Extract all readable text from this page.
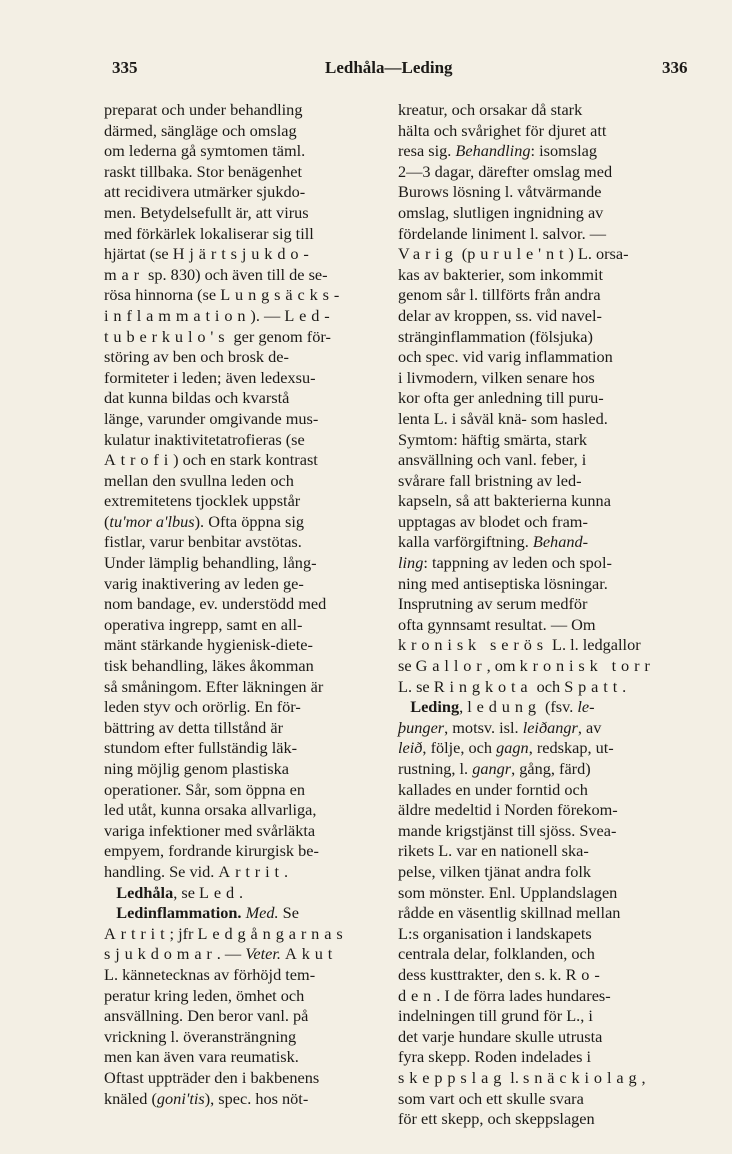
335	Ledhåla—Leding	336
preparat och under behandling
därmed, sängläge och omslag
om lederna gå symtomen täml.
raskt tillbaka. Stor benägenhet
att recidivera utmärker sjukdo-
men. Betydelsefullt är, att virus
med förkärlek lokaliserar sig till
hjärtat (se Hjärtsjukdo-
mar sp. 830) och även till de se-
rösa hinnorna (se Lungsäcks-
inflammation). — Led-
tuberkulo's ger genom för-
störing av ben och brosk de-
formiteter i leden; även ledexsu-
dat kunna bildas och kvarstå
länge, varunder omgivande mus-
kulatur inaktivitetatrofieras (se
Atrofi) och en stark kontrast
mellan den svullna leden och
extremitetens tjocklek uppstår
(tu'mor a'lbus). Ofta öppna sig
fistlar, varur benbitar avstötas.
Under lämplig behandling, lång-
varig inaktivering av leden ge-
nom bandage, ev. understödd med
operativa ingrepp, samt en all-
mänt stärkande hygienisk-diete-
tisk behandling, läkes åkomman
så småningom. Efter läkningen är
leden styv och orörlig. En för-
bättring av detta tillstånd är
stundom efter fullständig läk-
ning möjlig genom plastiska
operationer. Sår, som öppna en
led utåt, kunna orsaka allvarliga,
variga infektioner med svårläkta
empyem, fordrande kirurgisk be-
handling. Se vid. Artrit.
Ledhåla, se Led.
Ledinflammation. Med. Se
Artrit; jfr Ledgångarnas
sjukdomar. — Veter. Akut
L. kännetecknas av förhöjd tem-
peratur kring leden, ömhet och
ansvällning. Den beror vanl. på
vrickning l. överansträngning
men kan även vara reumatisk.
Oftast uppträder den i bakbenens
knäled (goni'tis), spec. hos nöt-
kreatur, och orsakar då stark
hälta och svårighet för djuret att
resa sig. Behandling: isomslag
2—3 dagar, därefter omslag med
Burows lösning l. våtvärmande
omslag, slutligen ingnidning av
fördelande liniment l. salvor. —
Varig (purule'nt) L. orsa-
kas av bakterier, som inkommit
genom sår l. tillförts från andra
delar av kroppen, ss. vid navel-
stränginflammation (fölsjuka)
och spec. vid varig inflammation
i livmodern, vilken senare hos
kor ofta ger anledning till puru-
lenta L. i såväl knä- som hasled.
Symtom: häftig smärta, stark
ansvällning och vanl. feber, i
svårare fall bristning av led-
kapseln, så att bakterierna kunna
upptagas av blodet och fram-
kalla varförgiftning. Behand-
ling: tappning av leden och spol-
ning med antiseptiska lösningar.
Insprutning av serum medför
ofta gynnsamt resultat. — Om
kronisk serös L. l. ledgallor
se Gallor, om kronisk torr
L. se Ringkota och Spatt.
Leding, ledung (fsv. le-
þunger, motsv. isl. leiðangr, av
leið, följe, och gagn, redskap, ut-
rustning, l. gangr, gång, färd)
kallades en under forntid och
äldre medeltid i Norden förekom-
mande krigstjänst till sjöss. Svea-
rikets L. var en nationell ska-
pelse, vilken tjänat andra folk
som mönster. Enl. Upplandslagen
rådde en väsentlig skillnad mellan
L:s organisation i landskapets
centrala delar, folklanden, och
dess kusttrakter, den s. k. Ro-
den. I de förra lades hundares-
indelningen till grund för L., i
det varje hundare skulle utrusta
fyra skepp. Roden indelades i
skeppslag l. snäckiolag,
som vart och ett skulle svara
för ett skepp, och skeppslagen
